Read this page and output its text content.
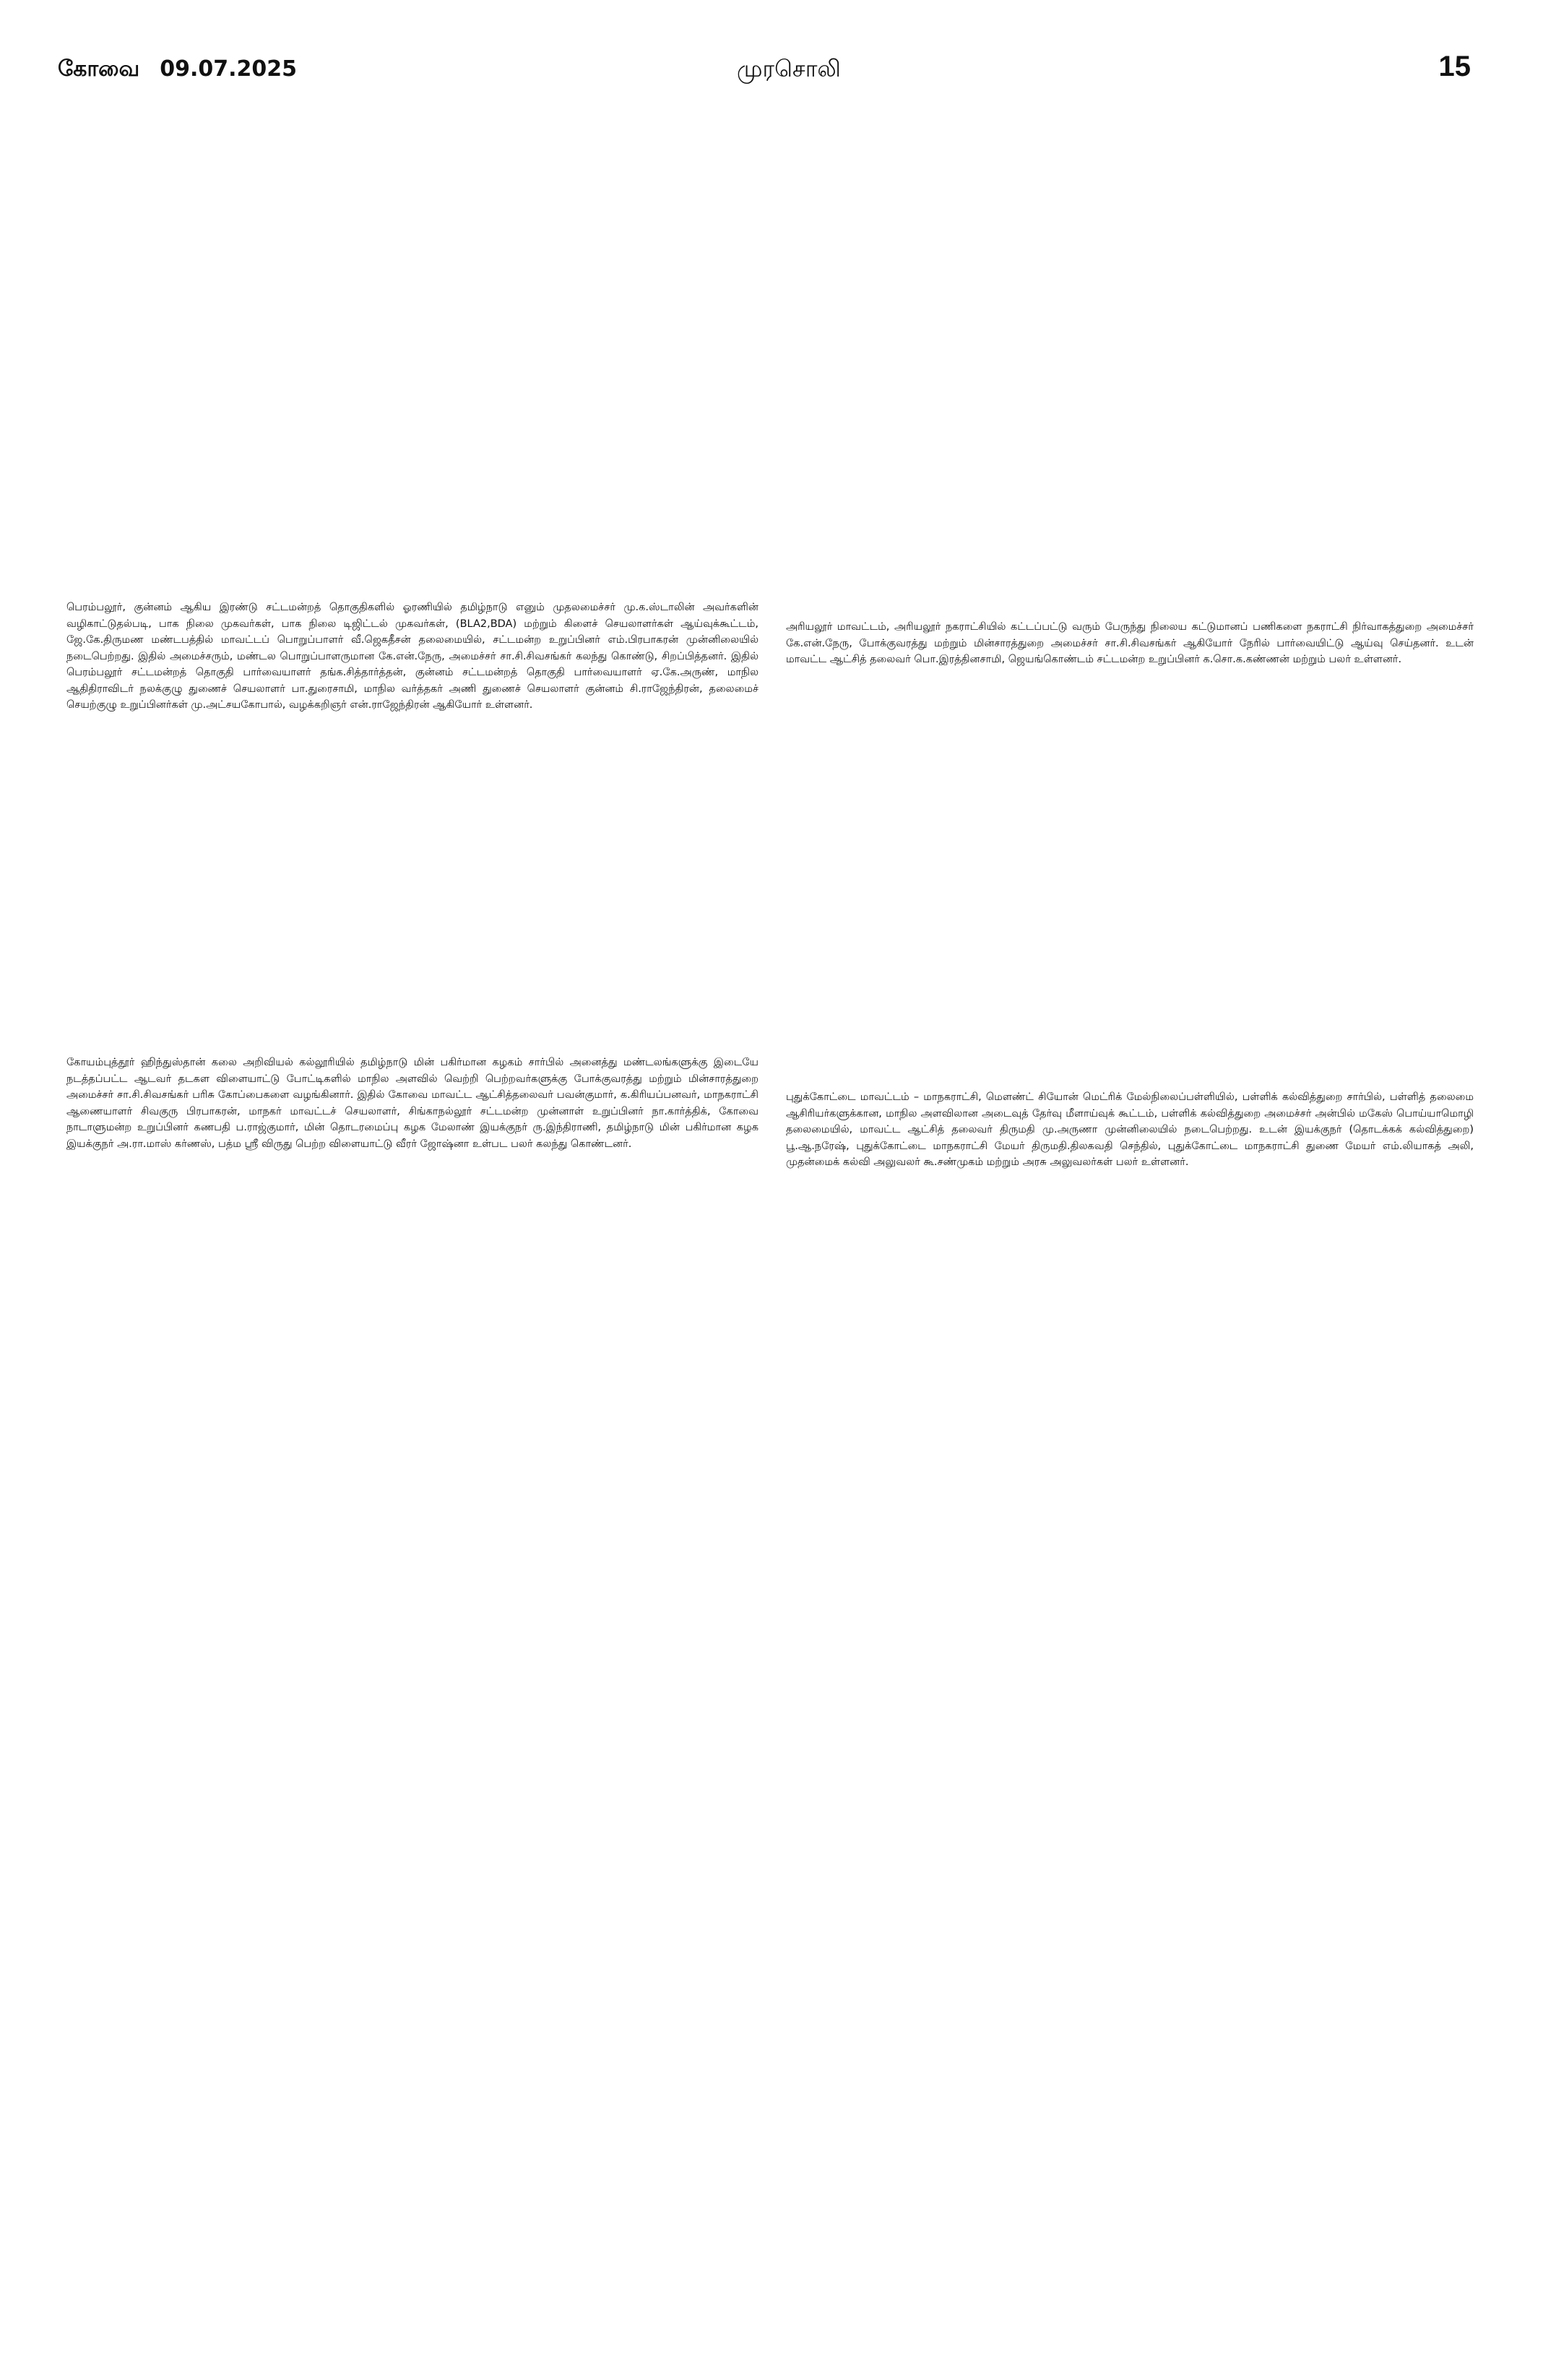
கோவை 09.07.2025	முரசொலி	15

பெரம்பலூர், குன்னம் ஆகிய இரண்டு சட்டமன்றத் தொகுதிகளில் ஓரணியில் தமிழ்நாடு எனும் முதலமைச்சர் மு.க.ஸ்டாலின் அவர்களின் வழிகாட்டுதல்படி, பாக நிலை முகவர்கள், பாக நிலை டிஜிட்டல் முகவர்கள், (BLA2,BDA) மற்றும் கிளைச் செயலாளர்கள் ஆய்வுக்கூட்டம், ஜே.கே.திருமண மண்டபத்தில் மாவட்டப் பொறுப்பாளர் வீ.ஜெகதீசன் தலைமையில், சட்டமன்ற உறுப்பினர் எம்.பிரபாகரன் முன்னிலையில் நடைபெற்றது. இதில் அமைச்சரும், மண்டல பொறுப்பாளருமான கே.என்.நேரு, அமைச்சர் சா.சி.சிவசங்கர் கலந்து கொண்டு, சிறப்பித்தனர். இதில் பெரம்பலூர் சட்டமன்றத் தொகுதி பார்வையாளர் தங்க.சித்தார்த்தன், குன்னம் சட்டமன்றத் தொகுதி பார்வையாளர் ஏ.கே.அருண், மாநில ஆதிதிராவிடர் நலக்குழு துணைச் செயலாளர் பா.துரைசாமி, மாநில வர்த்தகர் அணி துணைச் செயலாளர் குன்னம் சி.ராஜேந்திரன், தலைமைச் செயற்குழு உறுப்பினர்கள் மு.அட்சயகோபால், வழக்கறிஞர் என்.ராஜேந்திரன் ஆகியோர் உள்ளனர்.

அரியலூர் மாவட்டம், அரியலூர் நகராட்சியில் கட்டப்பட்டு வரும் பேருந்து நிலைய கட்டுமானப் பணிகளை நகராட்சி நிர்வாகத்துறை அமைச்சர் கே.என்.நேரு, போக்குவரத்து மற்றும் மின்சாரத்துறை அமைச்சர் சா.சி.சிவசங்கர் ஆகியோர் நேரில் பார்வையிட்டு ஆய்வு செய்தனர். உடன் மாவட்ட ஆட்சித் தலைவர் பொ.இரத்தினசாமி, ஜெயங்கொண்டம் சட்டமன்ற உறுப்பினர் க.சொ.க.கண்ணன் மற்றும் பலர் உள்ளனர்.

கோயம்புத்தூர் ஹிந்துஸ்தான் கலை அறிவியல் கல்லூரியில் தமிழ்நாடு மின் பகிர்மான கழகம் சார்பில் அனைத்து மண்டலங்களுக்கு இடையே நடத்தப்பட்ட ஆடவர் தடகள விளையாட்டு போட்டிகளில் மாநில அளவில் வெற்றி பெற்றவர்களுக்கு போக்குவரத்து மற்றும் மின்சாரத்துறை அமைச்சர் சா.சி.சிவசங்கர் பரிசு கோப்பைகளை வழங்கினார். இதில் கோவை மாவட்ட ஆட்சித்தலைவர் பவன்குமார், க.கிரியப்பனவர், மாநகராட்சி ஆணையாளர் சிவகுரு பிரபாகரன், மாநகர் மாவட்டச் செயலாளர், சிங்காநல்லூர் சட்டமன்ற முன்னாள் உறுப்பினர் நா.கார்த்திக், கோவை நாடாளுமன்ற உறுப்பினர் கணபதி ப.ராஜ்குமார், மின் தொடரமைப்பு கழக மேலாண் இயக்குநர் ரு.இந்திராணி, தமிழ்நாடு மின் பகிர்மான கழக இயக்குநர் அ.ரா.மாஸ் கர்ணஸ், பத்ம ஸ்ரீ விருது பெற்ற விளையாட்டு வீரர் ஜோஷ்னா உள்பட பலர் கலந்து கொண்டனர்.

புதுக்கோட்டை மாவட்டம் – மாநகராட்சி, மௌண்ட் சியோன் மெட்ரிக் மேல்நிலைப்பள்ளியில், பள்ளிக் கல்வித்துறை சார்பில், பள்ளித் தலைமை ஆசிரியர்களுக்கான, மாநில அளவிலான அடைவுத் தேர்வு மீளாய்வுக் கூட்டம், பள்ளிக் கல்வித்துறை அமைச்சர் அன்பில் மகேஸ் பொய்யாமொழி தலைமையில், மாவட்ட ஆட்சித் தலைவர் திருமதி மு.அருணா முன்னிலையில் நடைபெற்றது. உடன் இயக்குநர் (தொடக்கக் கல்வித்துறை) பூ.ஆ.நரேஷ், புதுக்கோட்டை மாநகராட்சி மேயர் திருமதி.திலகவதி செந்தில், புதுக்கோட்டை மாநகராட்சி துணை மேயர் எம்.லியாகத் அலி, முதன்மைக் கல்வி அலுவலர் கூ.சண்முகம் மற்றும் அரசு அலுவலர்கள் பலர் உள்ளனர்.
